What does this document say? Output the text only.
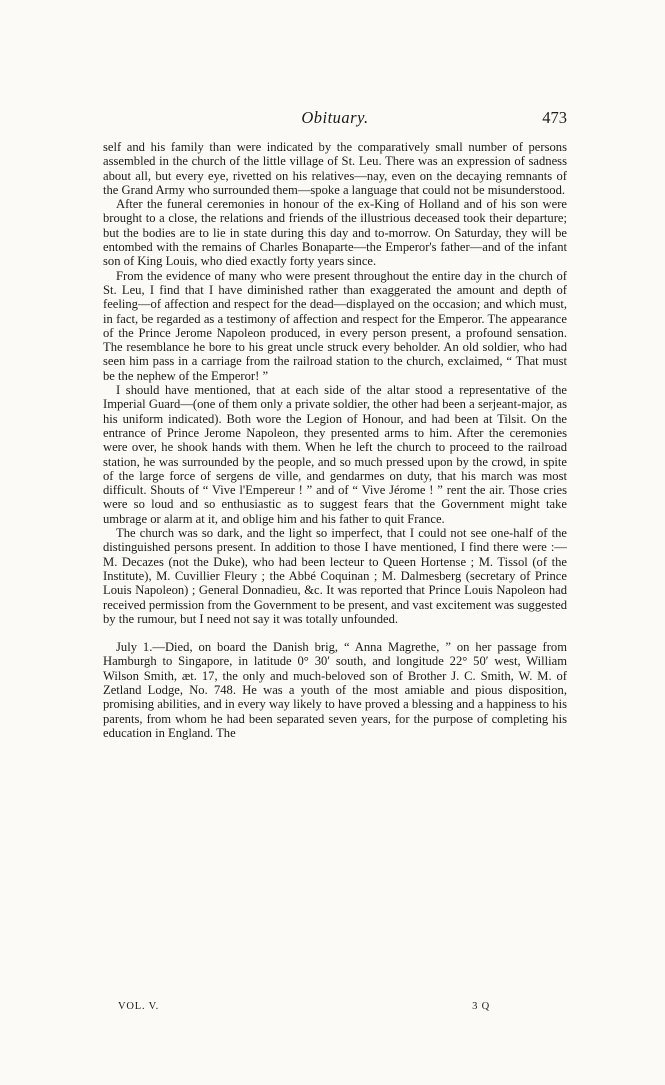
Obituary.	473

self and his family than were indicated by the comparatively small number of persons assembled in the church of the little village of St. Leu. There was an expression of sadness about all, but every eye, rivetted on his relatives—nay, even on the decaying remnants of the Grand Army who surrounded them—spoke a language that could not be misunderstood.

After the funeral ceremonies in honour of the ex-King of Holland and of his son were brought to a close, the relations and friends of the illustrious deceased took their departure; but the bodies are to lie in state during this day and to-morrow. On Saturday, they will be entombed with the remains of Charles Bonaparte—the Emperor's father—and of the infant son of King Louis, who died exactly forty years since.

From the evidence of many who were present throughout the entire day in the church of St. Leu, I find that I have diminished rather than exaggerated the amount and depth of feeling—of affection and respect for the dead—displayed on the occasion; and which must, in fact, be regarded as a testimony of affection and respect for the Emperor. The appearance of the Prince Jerome Napoleon produced, in every person present, a profound sensation. The resemblance he bore to his great uncle struck every beholder. An old soldier, who had seen him pass in a carriage from the railroad station to the church, exclaimed, “ That must be the nephew of the Emperor! ”

I should have mentioned, that at each side of the altar stood a representative of the Imperial Guard—(one of them only a private soldier, the other had been a serjeant-major, as his uniform indicated). Both wore the Legion of Honour, and had been at Tilsit. On the entrance of Prince Jerome Napoleon, they presented arms to him. After the ceremonies were over, he shook hands with them. When he left the church to proceed to the railroad station, he was surrounded by the people, and so much pressed upon by the crowd, in spite of the large force of sergens de ville, and gendarmes on duty, that his march was most difficult. Shouts of “ Vive l'Empereur ! ” and of “ Vive Jérome ! ” rent the air. Those cries were so loud and so enthusiastic as to suggest fears that the Government might take umbrage or alarm at it, and oblige him and his father to quit France.

The church was so dark, and the light so imperfect, that I could not see one-half of the distinguished persons present. In addition to those I have mentioned, I find there were :—M. Decazes (not the Duke), who had been lecteur to Queen Hortense ; M. Tissol (of the Institute), M. Cuvillier Fleury ; the Abbé Coquinan ; M. Dalmesberg (secretary of Prince Louis Napoleon) ; General Donnadieu, &c. It was reported that Prince Louis Napoleon had received permission from the Government to be present, and vast excitement was suggested by the rumour, but I need not say it was totally unfounded.

July 1.—Died, on board the Danish brig, “ Anna Magrethe, ” on her passage from Hamburgh to Singapore, in latitude 0° 30′ south, and longitude 22° 50′ west, William Wilson Smith, æt. 17, the only and much-beloved son of Brother J. C. Smith, W. M. of Zetland Lodge, No. 748. He was a youth of the most amiable and pious disposition, promising abilities, and in every way likely to have proved a blessing and a happiness to his parents, from whom he had been separated seven years, for the purpose of completing his education in England. The

VOL. V.	3 Q
